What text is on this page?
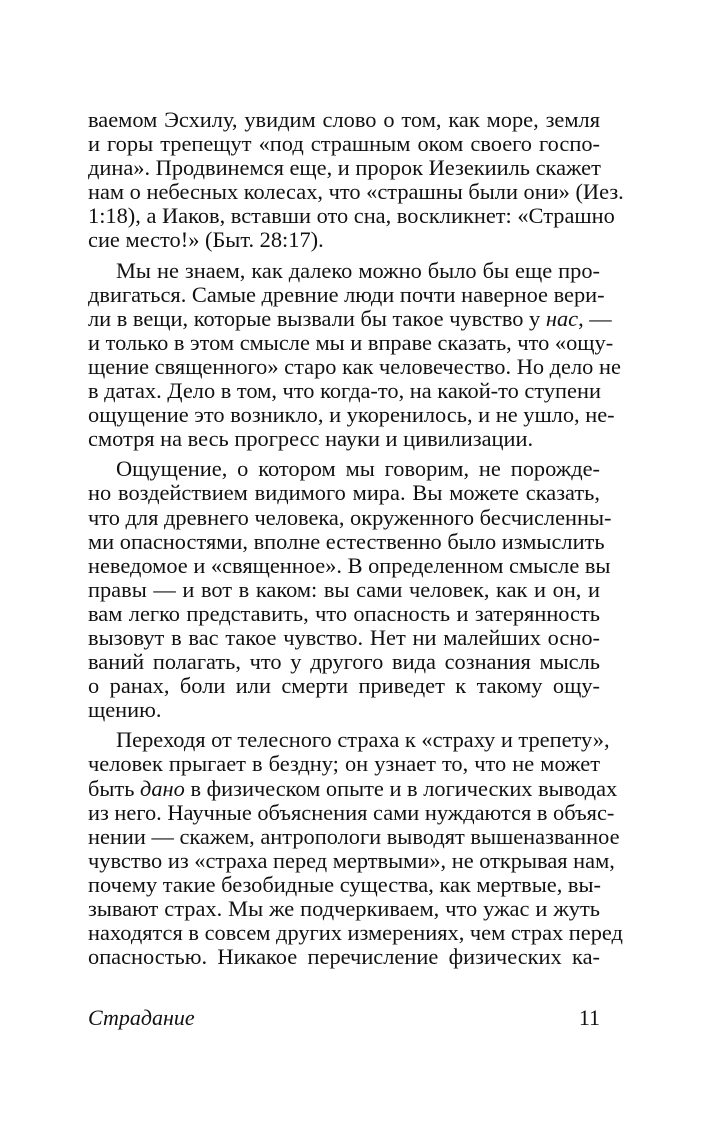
ваемом Эсхилу, увидим слово о том, как море, земля
и горы трепещут «под страшным оком своего госпо-
дина». Продвинемся еще, и пророк Иезекииль скажет
нам о небесных колесах, что «страшны были они» (Иез.
1:18), а Иаков, вставши ото сна, воскликнет: «Страшно
сие место!» (Быт. 28:17).
Мы не знаем, как далеко можно было бы еще про-
двигаться. Самые древние люди почти наверное вери-
ли в вещи, которые вызвали бы такое чувство у нас, —
и только в этом смысле мы и вправе сказать, что «ощу-
щение священного» старо как человечество. Но дело не
в датах. Дело в том, что когда-то, на какой-то ступени
ощущение это возникло, и укоренилось, и не ушло, не-
смотря на весь прогресс науки и цивилизации.
Ощущение, о котором мы говорим, не порожде-
но воздействием видимого мира. Вы можете сказать,
что для древнего человека, окруженного бесчисленны-
ми опасностями, вполне естественно было измыслить
неведомое и «священное». В определенном смысле вы
правы — и вот в каком: вы сами человек, как и он, и
вам легко представить, что опасность и затерянность
вызовут в вас такое чувство. Нет ни малейших осно-
ваний полагать, что у другого вида сознания мысль
о ранах, боли или смерти приведет к такому ощу-
щению.
Переходя от телесного страха к «страху и трепету»,
человек прыгает в бездну; он узнает то, что не может
быть дано в физическом опыте и в логических выводах
из него. Научные объяснения сами нуждаются в объяс-
нении — скажем, антропологи выводят вышеназванное
чувство из «страха перед мертвыми», не открывая нам,
почему такие безобидные существа, как мертвые, вы-
зывают страх. Мы же подчеркиваем, что ужас и жуть
находятся в совсем других измерениях, чем страх перед
опасностью. Никакое перечисление физических ка-
Страдание	11
